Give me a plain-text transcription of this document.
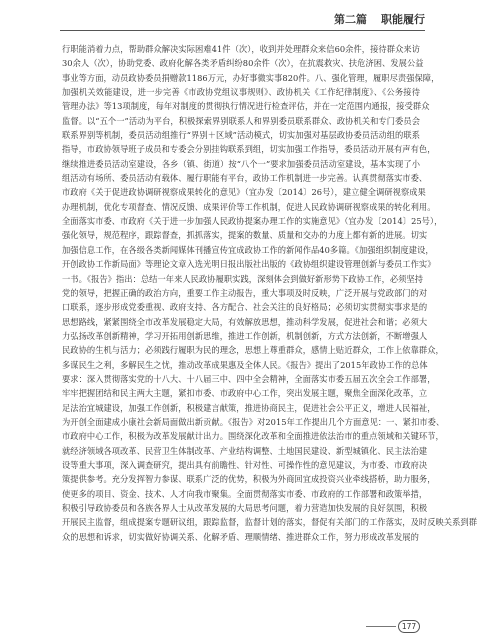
第二篇 职能履行
行职能消着力点，帮助群众解决实际困难41件（次），收到并处理群众来信60余件，接待群众来访
30余人（次），协助党委、政府化解各类矛盾纠纷80余件（次），在抗震救灾、扶危济困、发展公益
事业等方面，动员政协委员捐赠款1186万元，办好事微实事820件。八、强化管理，履职尽责强保障，
加强机关效能建设，进一步完善《市政协党组议事规则》、政协机关《工作纪律制度》、《公务接待
管理办法》等13项制度，每年对制度的贯彻执行情况进行检查评估，并在一定范围内通报，接受群众
监督。以“五个一”活动为平台，积极探索界别联系人和界别委员联系群众、政协机关和专门委员会
联系界别等机制，委员活动组推行“界别＋区域”活动模式，切实加强对基层政协委员活动组的联系
指导，市政协领导班子成员和专委会分别挂钩联系到组，切实加强工作指导，委员活动开展有声有色，
继续推进委员活动室建设，各乡（镇、街道）按“八个一”要求加强委员活动室建设，基本实现了小
组活动有场所、委员活动有载体、履行职能有平台，政协工作机制进一步完善。认真贯彻落实市委、
市政府《关于促进政协调研视察成果转化的意见》（宜办发〔2014〕26号），建立健全调研视察成果
办理机制，优化专项督查、情况反馈、成果评价等工作机制，促进人民政协调研视察成果的转化利用。
全面落实市委、市政府《关于进一步加强人民政协提案办理工作的实施意见》（宜办发〔2014〕25号），
强化领导，规范程序，跟踪督查，抓抓落实，提案的数量、质量和交办的力度上都有新的进展。切实
加强信息工作，在各级各类新闻媒体刊播宣传宜成政协工作的新闻作品40多篇。《加强组织制度建设，
开创政协工作新局面》等理论文章入选光明日报出版社出版的《政协组织建设管理创新与委员工作实》
一书。《报告》指出：总结一年来人民政协履职实践，深刻体会到做好新形势下政协工作，必须坚持
党的领导，把握正确的政治方向，重要工作主动报告，重大事项及时反映，广泛开展与党政部门的对
口联系，逐步形成党委重视、政府支持、各方配合、社会关注的良好格局；必须切实贯彻实事求是的
思想路线，紧紧围绕全市改革发展稳定大局，有效解放思想，推动科学发展，促进社会和谐；必须大
力弘扬改革创新精神，学习开拓用创新思维，推进工作创新，机制创新，方式方法创新，不断增强人
民政协的生机与活力；必须践行履职为民的理念，思想上尊重群众，感情上贴近群众，工作上依靠群众，
多谋民生之利，多解民生之忧，推动改革成果惠及全体人民。《报告》提出了2015年政协工作的总体
要求：深入贯彻落实党的十八大、十八届三中、四中全会精神，全面落实市委五届五次全会工作部署，
牢牢把握团结和民主两大主题，紧扣市委、市政府中心工作，突出发展主题，聚焦全面深化改革，立
足法治宜城建设，加强工作创新，积极建言献策，推进协商民主，促进社会公平正义，增进人民福祉，
为开创全面建成小康社会新局面做出新贡献。《报告》对2015年工作提出几个方面意见：一、紧扣市委、
市政府中心工作，积极为改革发展献计出力。围绕深化改革和全面推进依法治市的重点领域和关键环节，
就经济领域各项改革、民营卫生体制改革、产业结构调整、土地国民建设、新型城镇化、民主法治建
设等重大事项，深入调查研究，提出具有前瞻性、针对性、可操作性的意见建议，为市委、市政府决
策提供参考。充分发挥智力参谋、联系广泛的优势，积极为外商回宜成投资兴业牵线搭桥，助力服务，
使更多的项目、资金、技术、人才向我市聚集。全面贯彻落实市委、市政府的工作部署和政策举措，
积极引导政协委员和各族各界人士从改革发展的大局思考问题，着力营造加快发展的良好氛围，积极
开展民主监督，组成提案专题研议组，跟踪监督，监督计划的落实，督促有关部门的工作落实，及时反映关系到群
众的思想和诉求，切实做好协调关系、化解矛盾、理顺情绪、推进群众工作，努力形成改革发展的
177
